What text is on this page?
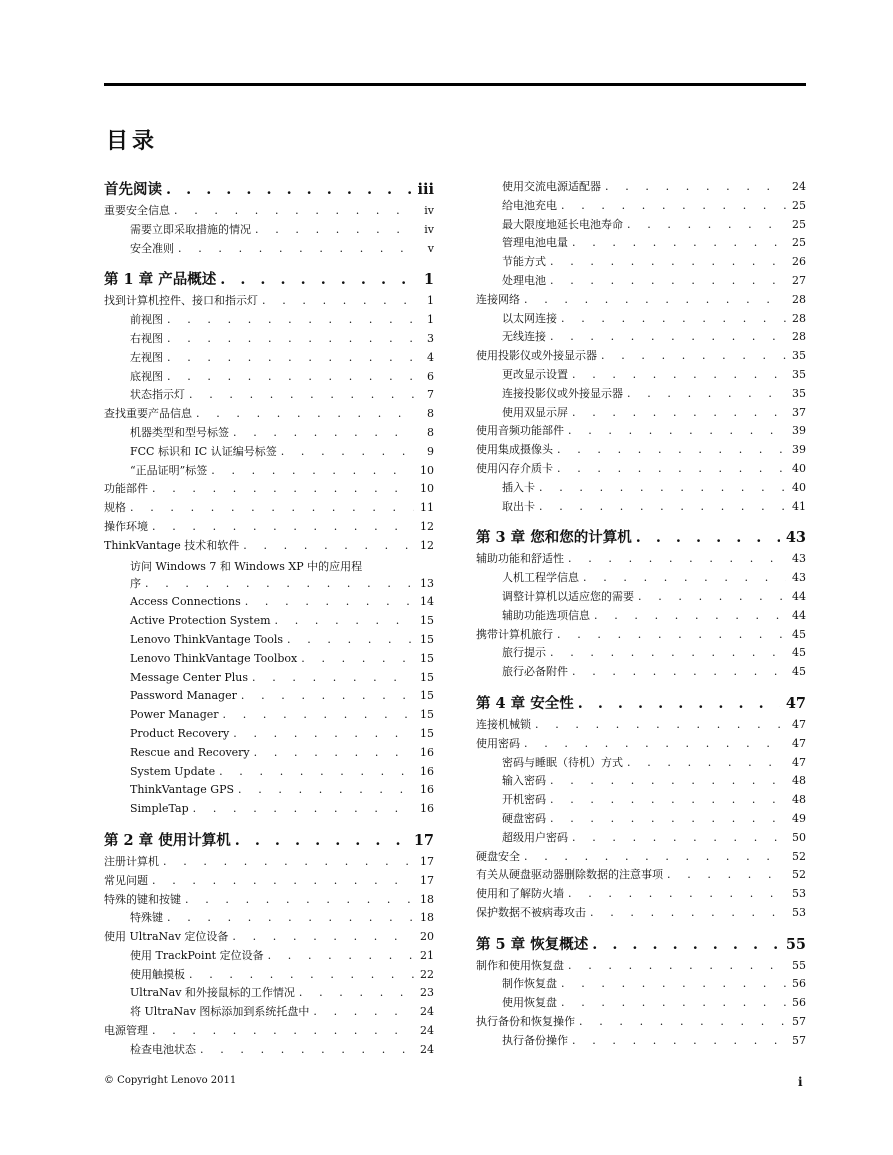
目录
首先阅读 . . .	iii
重要安全信息 . . .	iv
需要立即采取措施的情况 . . .	iv
安全准则 . . .	v
第 1 章 产品概述 . . .	1
找到计算机控件、接口和指示灯 . . .	1
前视图 . . .	1
右视图 . . .	3
左视图 . . .	4
底视图 . . .	6
状态指示灯 . . .	7
查找重要产品信息 . . .	8
机器类型和型号标签 . . .	8
FCC 标识和 IC 认证编号标签 . . .	9
“正品证明”标签 . . .	10
功能部件 . . .	10
规格 . . .	11
操作环境 . . .	12
ThinkVantage 技术和软件 . . .	12
访问 Windows 7 和 Windows XP 中的应用程
序 . . .	13
Access Connections . . .	14
Active Protection System . . .	15
Lenovo ThinkVantage Tools . . .	15
Lenovo ThinkVantage Toolbox . . .	15
Message Center Plus . . .	15
Password Manager . . .	15
Power Manager . . .	15
Product Recovery . . .	15
Rescue and Recovery . . .	16
System Update . . .	16
ThinkVantage GPS . . .	16
SimpleTap . . .	16
第 2 章 使用计算机 . . .	17
注册计算机 . . .	17
常见问题 . . .	17
特殊的键和按键 . . .	18
特殊键 . . .	18
使用 UltraNav 定位设备 . . .	20
使用 TrackPoint 定位设备 . . .	21
使用触摸板 . . .	22
UltraNav 和外接鼠标的工作情况 . . .	23
将 UltraNav 图标添加到系统托盘中 . . .	24
电源管理 . . .	24
检查电池状态 . . .	24
使用交流电源适配器 . . .	24
给电池充电 . . .	25
最大限度地延长电池寿命 . . .	25
管理电池电量 . . .	25
节能方式 . . .	26
处理电池 . . .	27
连接网络 . . .	28
以太网连接 . . .	28
无线连接 . . .	28
使用投影仪或外接显示器 . . .	35
更改显示设置 . . .	35
连接投影仪或外接显示器 . . .	35
使用双显示屏 . . .	37
使用音频功能部件 . . .	39
使用集成摄像头 . . .	39
使用闪存介质卡 . . .	40
插入卡 . . .	40
取出卡 . . .	41
第 3 章 您和您的计算机 . . .	43
辅助功能和舒适性 . . .	43
人机工程学信息 . . .	43
调整计算机以适应您的需要 . . .	44
辅助功能选项信息 . . .	44
携带计算机旅行 . . .	45
旅行提示 . . .	45
旅行必备附件 . . .	45
第 4 章 安全性 . . .	47
连接机械锁 . . .	47
使用密码 . . .	47
密码与睡眠（待机）方式 . . .	47
输入密码 . . .	48
开机密码 . . .	48
硬盘密码 . . .	49
超级用户密码 . . .	50
硬盘安全 . . .	52
有关从硬盘驱动器删除数据的注意事项 . . .	52
使用和了解防火墙 . . .	53
保护数据不被病毒攻击 . . .	53
第 5 章 恢复概述 . . .	55
制作和使用恢复盘 . . .	55
制作恢复盘 . . .	56
使用恢复盘 . . .	56
执行备份和恢复操作 . . .	57
执行备份操作 . . .	57
© Copyright Lenovo 2011	i
